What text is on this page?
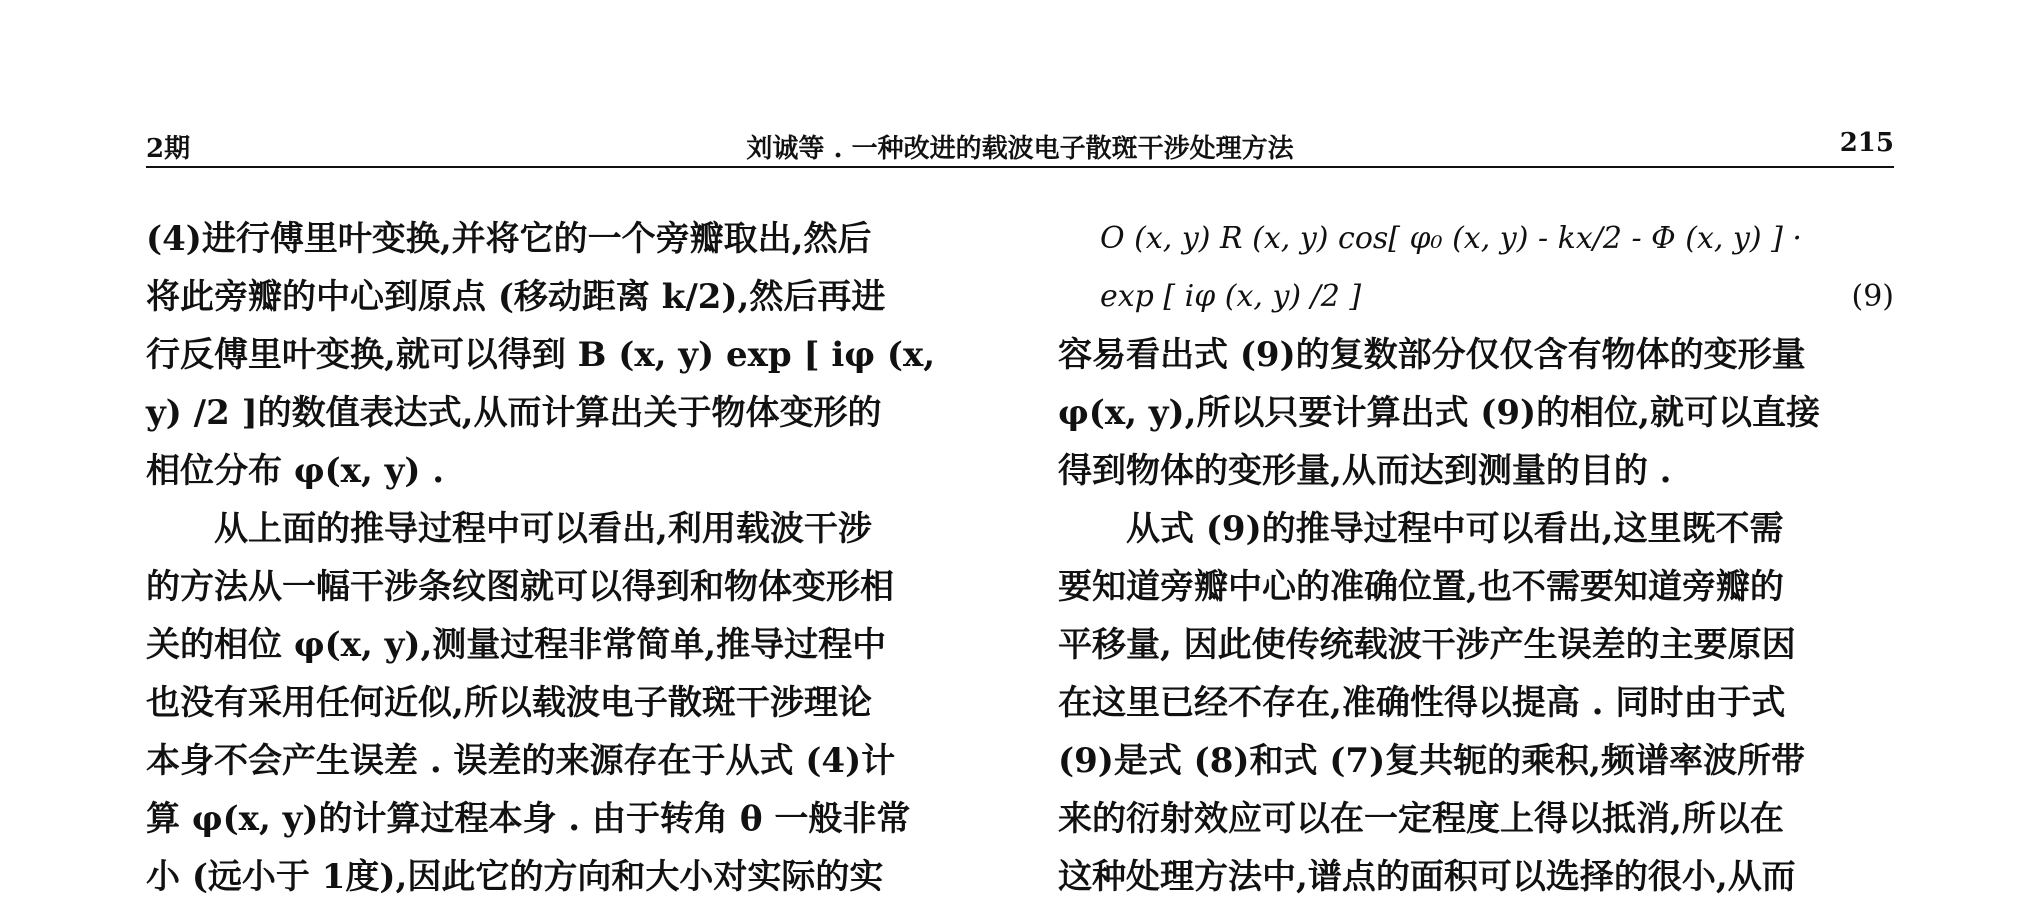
2期	刘诚等 . 一种改进的载波电子散斑干涉处理方法	215
(4)进行傅里叶变换,并将它的一个旁瓣取出,然后
将此旁瓣的中心到原点 (移动距离 k/2),然后再进
行反傅里叶变换,就可以得到 B (x, y) exp [ iφ (x,
y) /2 ]的数值表达式,从而计算出关于物体变形的
相位分布 φ(x, y) .
从上面的推导过程中可以看出,利用载波干涉
的方法从一幅干涉条纹图就可以得到和物体变形相
关的相位 φ(x, y),测量过程非常简单,推导过程中
也没有采用任何近似,所以载波电子散斑干涉理论
本身不会产生误差 . 误差的来源存在于从式 (4)计
算 φ(x, y)的计算过程本身 . 由于转角 θ 一般非常
小 (远小于 1度),因此它的方向和大小对实际的实
O (x, y) R (x, y) cos[ φ₀ (x, y) - kx/2 - Φ (x, y) ] ·
exp [ iφ (x, y) /2 ]	(9)
容易看出式 (9)的复数部分仅仅含有物体的变形量
φ(x, y),所以只要计算出式 (9)的相位,就可以直接
得到物体的变形量,从而达到测量的目的 .
从式 (9)的推导过程中可以看出,这里既不需
要知道旁瓣中心的准确位置,也不需要知道旁瓣的
平移量, 因此使传统载波干涉产生误差的主要原因
在这里已经不存在,准确性得以提高 . 同时由于式
(9)是式 (8)和式 (7)复共轭的乘积,频谱率波所带
来的衍射效应可以在一定程度上得以抵消,所以在
这种处理方法中,谱点的面积可以选择的很小,从而
